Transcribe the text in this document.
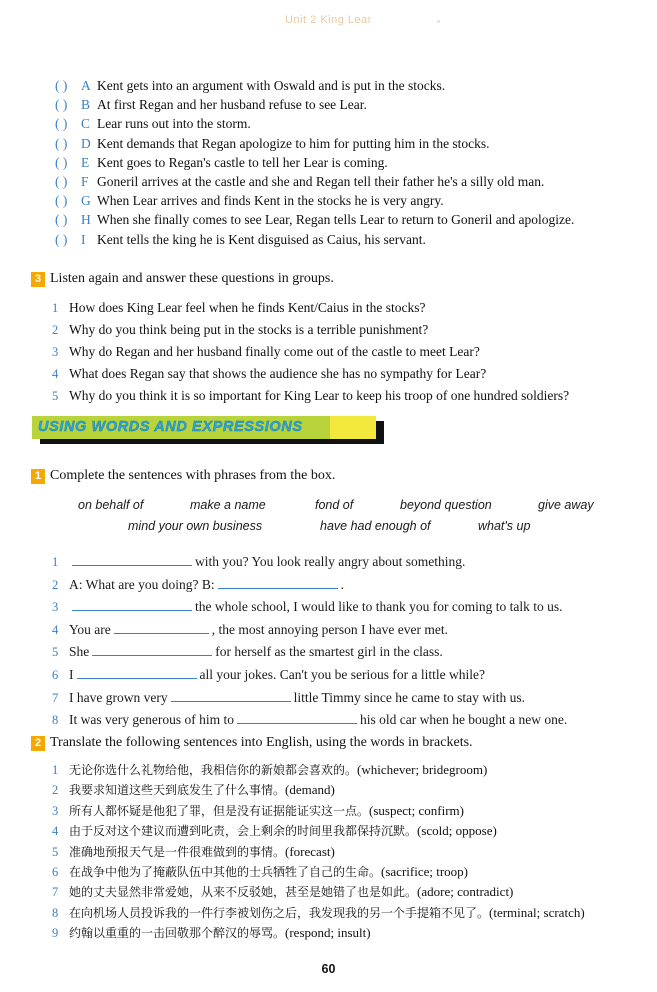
Unit 2 King Lear
( )	A Kent gets into an argument with Oswald and is put in the stocks.
( )	B At first Regan and her husband refuse to see Lear.
( )	C Lear runs out into the storm.
( )	D Kent demands that Regan apologize to him for putting him in the stocks.
( )	E Kent goes to Regan's castle to tell her Lear is coming.
( )	F Goneril arrives at the castle and she and Regan tell their father he's a silly old man.
( )	G When Lear arrives and finds Kent in the stocks he is very angry.
( )	H When she finally comes to see Lear, Regan tells Lear to return to Goneril and apologize.
( )	I Kent tells the king he is Kent disguised as Caius, his servant.
3 Listen again and answer these questions in groups.
1 How does King Lear feel when he finds Kent/Caius in the stocks?
2 Why do you think being put in the stocks is a terrible punishment?
3 Why do Regan and her husband finally come out of the castle to meet Lear?
4 What does Regan say that shows the audience she has no sympathy for Lear?
5 Why do you think it is so important for King Lear to keep his troop of one hundred soldiers?
USING WORDS AND EXPRESSIONS
1 Complete the sentences with phrases from the box.
on behalf of	make a name	fond of	beyond question	give away
mind your own business	have had enough of	what's up
1	with you? You look really angry about something.
2 A: What are you doing? B:	.
3	the whole school, I would like to thank you for coming to talk to us.
4 You are	, the most annoying person I have ever met.
5 She	for herself as the smartest girl in the class.
6 I	all your jokes. Can't you be serious for a little while?
7 I have grown very	little Timmy since he came to stay with us.
8 It was very generous of him to	his old car when he bought a new one.
2 Translate the following sentences into English, using the words in brackets.
1 无论你选什么礼物给他，我相信你的新娘都会喜欢的。 (whichever; bridegroom)
2 我要求知道这些天到底发生了什么事情。 (demand)
3 所有人都怀疑是他犯了罪，但是没有证据能证实这一点。 (suspect; confirm)
4 由于反对这个建议而遭到叱责，会上剩余的时间里我都保持沉默。 (scold; oppose)
5 准确地预报天气是一件很难做到的事情。 (forecast)
6 在战争中他为了掩蔽队伍中其他的士兵牺牲了自己的生命。 (sacrifice; troop)
7 她的丈夫显然非常爱她，从来不反驳她，甚至是她错了也是如此。 (adore; contradict)
8 在向机场人员投诉我的一件行李被划伤之后，我发现我的另一个手提箱不见了。 (terminal; scratch)
9 约翰以重重的一击回敬那个醉汉的辱骂。 (respond; insult)
60
